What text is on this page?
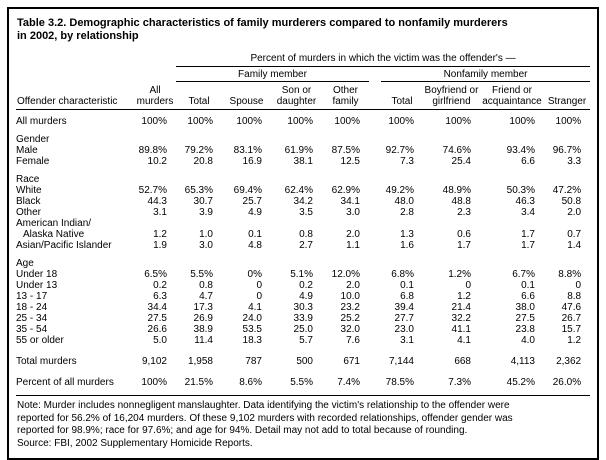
Table 3.2. Demographic characteristics of family murderers compared to nonfamily murderers
in 2002, by relationship
		Percent of murders in which the victim was the offender's —								
		Family member					Nonfamily member			
Offender characteristic	All murders	Total	Spouse	Son or daughter	Other family		Total	Boyfriend or girlfriend	Friend or acquaintance	Stranger
All murders	100%	100%	100%	100%	100%		100%	100%	100%	100%
Gender										
Male	89.8%	79.2%	83.1%	61.9%	87.5%		92.7%	74.6%	93.4%	96.7%
Female	10.2	20.8	16.9	38.1	12.5		7.3	25.4	6.6	3.3
Race										
White	52.7%	65.3%	69.4%	62.4%	62.9%		49.2%	48.9%	50.3%	47.2%
Black	44.3	30.7	25.7	34.2	34.1		48.0	48.8	46.3	50.8
Other	3.1	3.9	4.9	3.5	3.0		2.8	2.3	3.4	2.0
American Indian/
Alaska Native	1.2	1.0	0.1	0.8	2.0		1.3	0.6	1.7	0.7
Asian/Pacific Islander	1.9	3.0	4.8	2.7	1.1		1.6	1.7	1.7	1.4
Age										
Under 18	6.5%	5.5%	0%	5.1%	12.0%		6.8%	1.2%	6.7%	8.8%
Under 13	0.2	0.8	0	0.2	2.0		0.1	0	0.1	0
13 - 17	6.3	4.7	0	4.9	10.0		6.8	1.2	6.6	8.8
18 - 24	34.4	17.3	4.1	30.3	23.2		39.4	21.4	38.0	47.6
25 - 34	27.5	26.9	24.0	33.9	25.2		27.7	32.2	27.5	26.7
35 - 54	26.6	38.9	53.5	25.0	32.0		23.0	41.1	23.8	15.7
55 or older	5.0	11.4	18.3	5.7	7.6		3.1	4.1	4.0	1.2
Total murders	9,102	1,958	787	500	671		7,144	668	4,113	2,362
Percent of all murders	100%	21.5%	8.6%	5.5%	7.4%		78.5%	7.3%	45.2%	26.0%
Note: Murder includes nonnegligent manslaughter. Data identifying the victim's relationship to the offender were
reported for 56.2% of 16,204 murders. Of these 9,102 murders with recorded relationships, offender gender was
reported for 98.9%; race for 97.6%; and age for 94%. Detail may not add to total because of rounding.
Source: FBI, 2002 Supplementary Homicide Reports.
